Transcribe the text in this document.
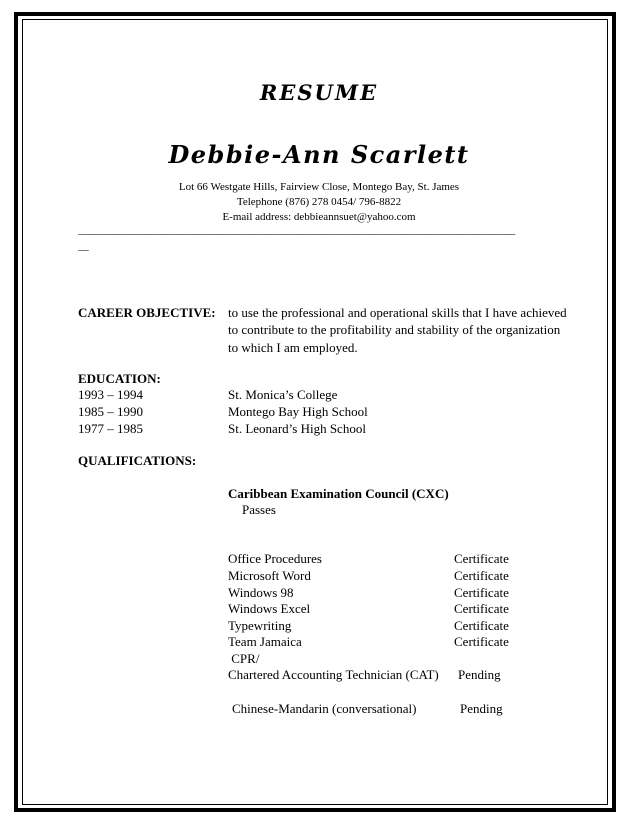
RESUME
Debbie-Ann Scarlett
Lot 66 Westgate Hills, Fairview Close, Montego Bay, St. James
Telephone (876) 278 0454/ 796-8822
E-mail address: debbieannsuet@yahoo.com
____________________________________________________________________________________
__
CAREER OBJECTIVE: to use the professional and operational skills that I have achieved
to contribute to the profitability and stability of the organization
to which I am employed.
EDUCATION:
1993 – 1994	St. Monica’s College
1985 – 1990	Montego Bay High School
1977 – 1985	St. Leonard’s High School
QUALIFICATIONS:
Caribbean Examination Council (CXC)
Passes
Office Procedures	Certificate
Microsoft Word	Certificate
Windows 98	Certificate
Windows Excel	Certificate
Typewriting	Certificate
Team Jamaica	Certificate
CPR/
Chartered Accounting Technician (CAT) Pending
Chinese-Mandarin (conversational)	Pending
